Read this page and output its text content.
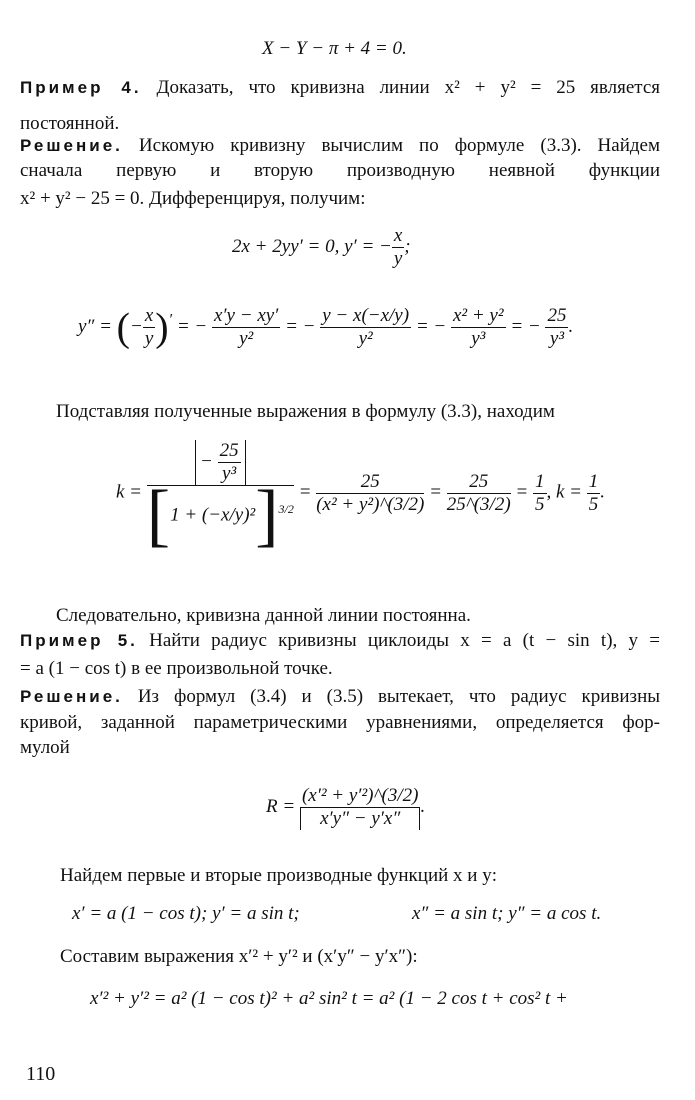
X − Y − π + 4 = 0.
Пример 4. Доказать, что кривизна линии x² + y² = 25 является
постоянной.
Решение. Искомую кривизну вычислим по формуле (3.3). Найдем
сначала первую и вторую производную неявной функции
x² + y² − 25 = 0. Дифференцируя, получим:
2x + 2yy′ = 0, y′ = − $\frac{x}{y}$ ;
y″ = (− $\frac{x}{y} )'$ = − $\frac{x'y - xy'}{\text{y²}}$ = − $\frac{y - x(-x/y)}{\text{y²}}$ = − $\frac{\text{x² + y²}}{\text{y³}}$ = − $\frac{25}{\text{y³}}$ .
Подставляя полученные выражения в формулу (3.3), находим
$k = \frac{- \frac{25}{\text{y³}}}{[1 + (-x/y)^2]^{3/2}} = \frac{25}{\text{(x² + y²)\textasciicircum{}(3/2)}} = \frac{25}{25\^{}(3/2)} = \frac{1}{5}$ , $k = \frac{1}{5}$ .
Следовательно, кривизна данной линии постоянна.
Пример 5. Найти радиус кривизны циклоиды x = a (t − sin t), y =
= a (1 − cos t) в ее произвольной точке.
Решение. Из формул (3.4) и (3.5) вытекает, что радиус кривизны
кривой, заданной параметрическими уравнениями, определяется фор-
мулой
$R = \frac{\text{(x′² + y′²)\textasciicircum{}(3/2)}}{x'y'' - y'x''}$ .
Найдем первые и вторые производные функций x и y:
x′ = a (1 − cos t); y′ = a sin t;	x″ = a sin t; y″ = a cos t.
Составим выражения x′² + y′² и (x′y″ − y′x″):
x′² + y′² = a² (1 − cos t)² + a² sin² t = a² (1 − 2 cos t + cos² t +
110
